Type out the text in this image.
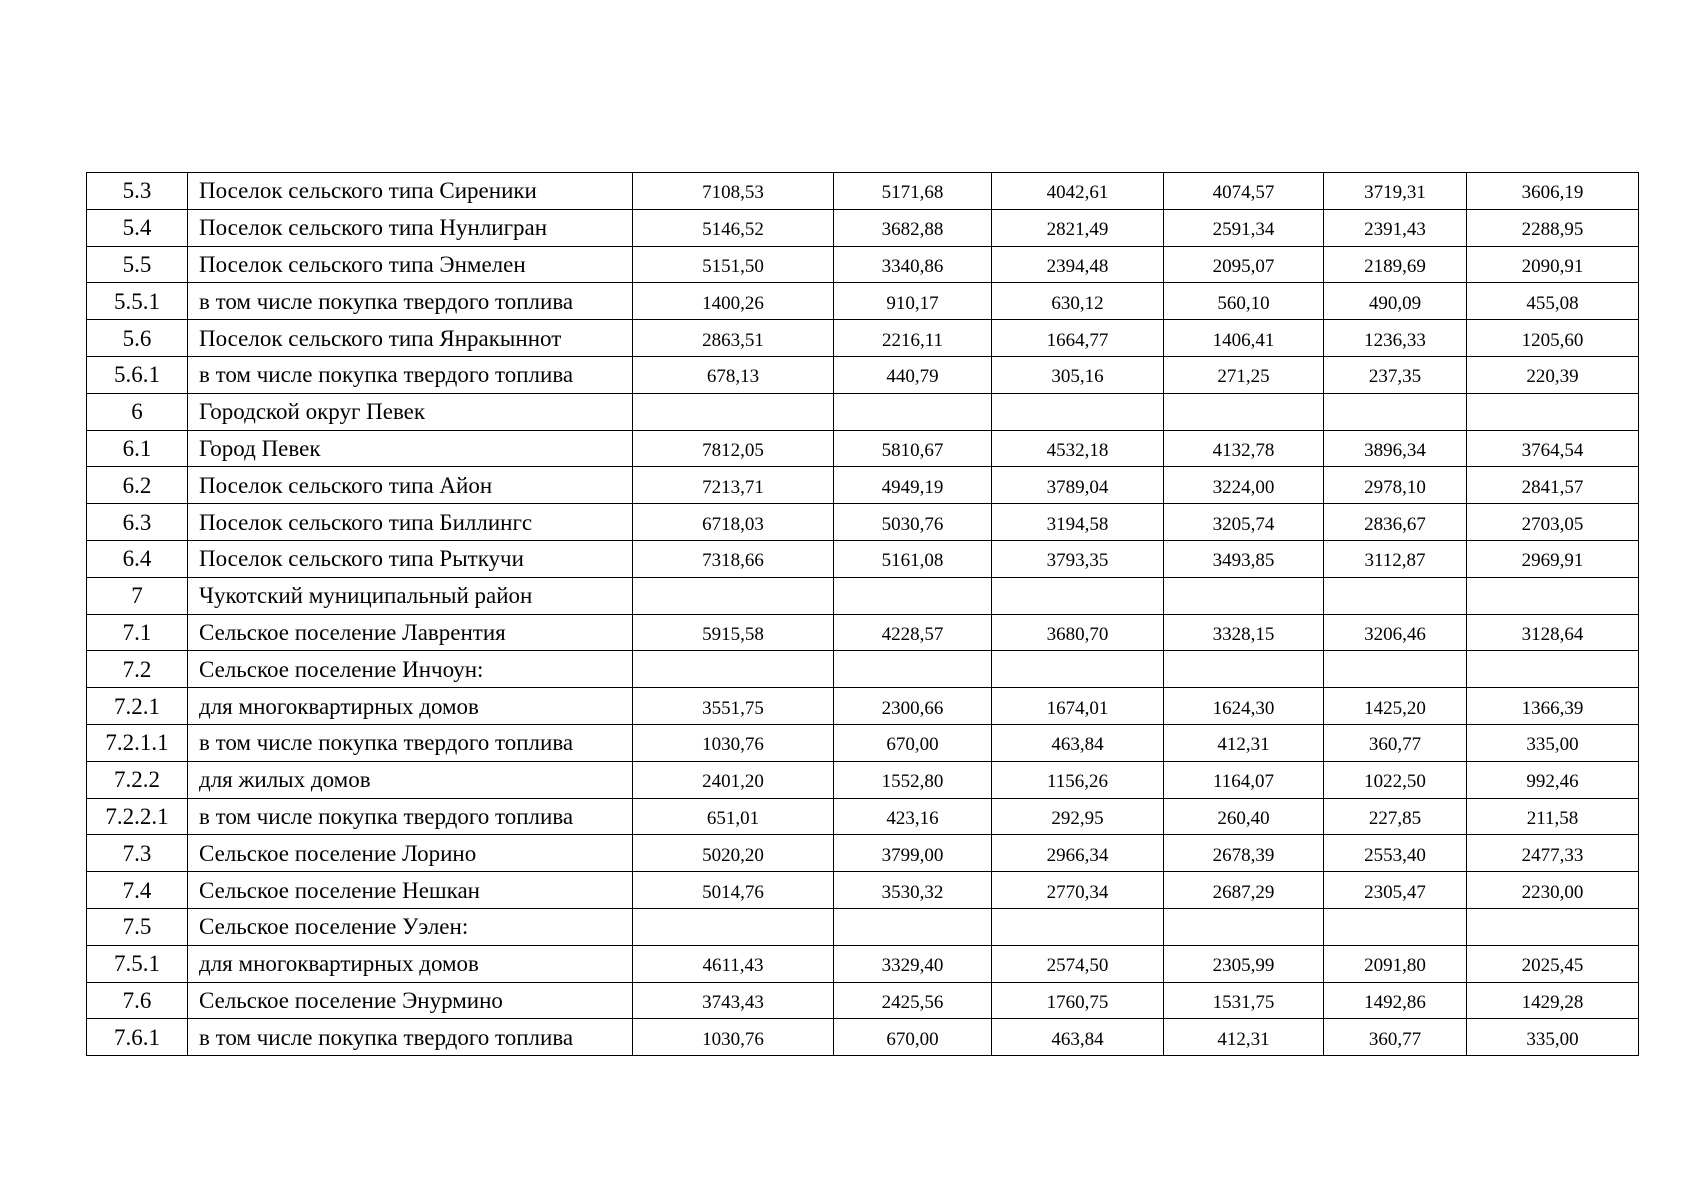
5.3	Поселок сельского типа Сиреники	7108,53	5171,68	4042,61	4074,57	3719,31	3606,19
5.4	Поселок сельского типа Нунлигран	5146,52	3682,88	2821,49	2591,34	2391,43	2288,95
5.5	Поселок сельского типа Энмелен	5151,50	3340,86	2394,48	2095,07	2189,69	2090,91
5.5.1	в том числе покупка твердого топлива	1400,26	910,17	630,12	560,10	490,09	455,08
5.6	Поселок сельского типа Янракыннот	2863,51	2216,11	1664,77	1406,41	1236,33	1205,60
5.6.1	в том числе покупка твердого топлива	678,13	440,79	305,16	271,25	237,35	220,39
6	Городской округ Певек						
6.1	Город Певек	7812,05	5810,67	4532,18	4132,78	3896,34	3764,54
6.2	Поселок сельского типа Айон	7213,71	4949,19	3789,04	3224,00	2978,10	2841,57
6.3	Поселок сельского типа Биллингс	6718,03	5030,76	3194,58	3205,74	2836,67	2703,05
6.4	Поселок сельского типа Рыткучи	7318,66	5161,08	3793,35	3493,85	3112,87	2969,91
7	Чукотский муниципальный район						
7.1	Сельское поселение Лаврентия	5915,58	4228,57	3680,70	3328,15	3206,46	3128,64
7.2	Сельское поселение Инчоун:						
7.2.1	для многоквартирных домов	3551,75	2300,66	1674,01	1624,30	1425,20	1366,39
7.2.1.1	в том числе покупка твердого топлива	1030,76	670,00	463,84	412,31	360,77	335,00
7.2.2	для жилых домов	2401,20	1552,80	1156,26	1164,07	1022,50	992,46
7.2.2.1	в том числе покупка твердого топлива	651,01	423,16	292,95	260,40	227,85	211,58
7.3	Сельское поселение Лорино	5020,20	3799,00	2966,34	2678,39	2553,40	2477,33
7.4	Сельское поселение Нешкан	5014,76	3530,32	2770,34	2687,29	2305,47	2230,00
7.5	Сельское поселение Уэлен:						
7.5.1	для многоквартирных домов	4611,43	3329,40	2574,50	2305,99	2091,80	2025,45
7.6	Сельское поселение Энурмино	3743,43	2425,56	1760,75	1531,75	1492,86	1429,28
7.6.1	в том числе покупка твердого топлива	1030,76	670,00	463,84	412,31	360,77	335,00
